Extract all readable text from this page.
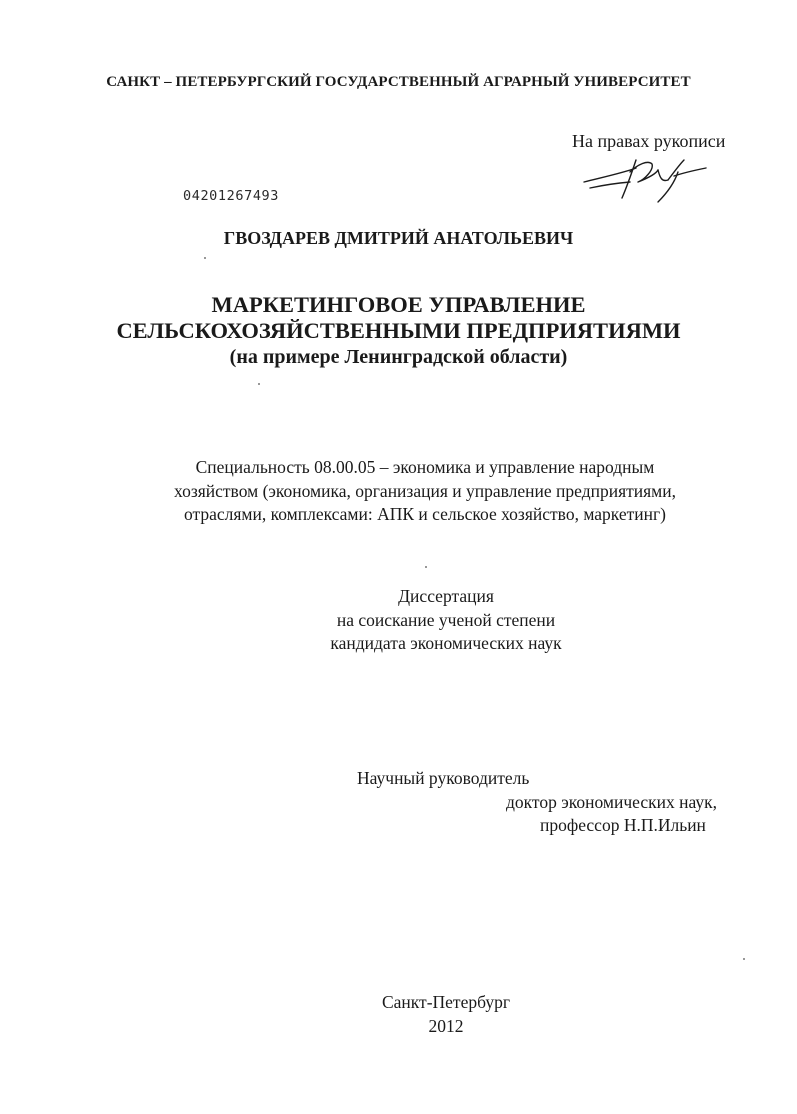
САНКТ – ПЕТЕРБУРГСКИЙ ГОСУДАРСТВЕННЫЙ АГРАРНЫЙ УНИВЕРСИТЕТ
На правах рукописи
04201267493
ГВОЗДАРЕВ ДМИТРИЙ АНАТОЛЬЕВИЧ
МАРКЕТИНГОВОЕ УПРАВЛЕНИЕ
СЕЛЬСКОХОЗЯЙСТВЕННЫМИ ПРЕДПРИЯТИЯМИ
(на примере Ленинградской области)
Специальность 08.00.05 – экономика и управление народным
хозяйством (экономика, организация и управление предприятиями,
отраслями, комплексами: АПК и сельское хозяйство, маркетинг)
Диссертация
на соискание ученой степени
кандидата экономических наук
Научный руководитель
доктор экономических наук,
профессор Н.П.Ильин
Санкт-Петербург
2012
